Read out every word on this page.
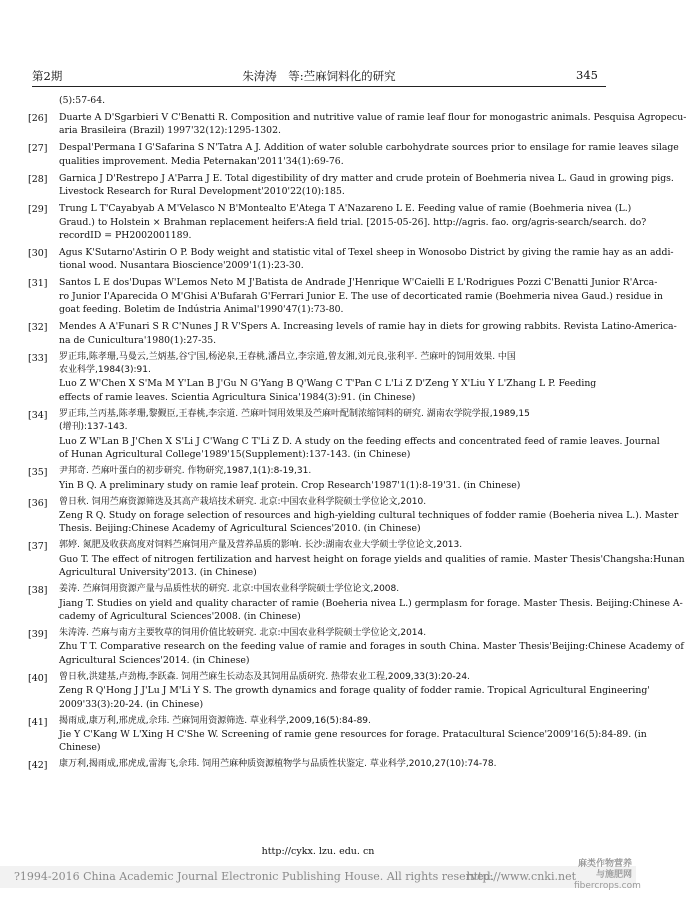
第2期	朱涛涛　等:苎麻饲料化的研究	345
(5):57-64.
[26] Duarte A D'Sgarbieri V C'Benatti R. Composition and nutritive value of ramie leaf flour for monogastric animals. Pesquisa Agropecu-
aria Brasileira (Brazil) 1997'32(12):1295-1302.
[27] Despal'Permana I G'Safarina S N'Tatra A J. Addition of water soluble carbohydrate sources prior to ensilage for ramie leaves silage
qualities improvement. Media Peternakan'2011'34(1):69-76.
[28] Garnica J D'Restrepo J A'Parra J E. Total digestibility of dry matter and crude protein of Boehmeria nivea L. Gaud in growing pigs.
Livestock Research for Rural Development'2010'22(10):185.
[29] Trung L T'Cayabyab A M'Velasco N B'Montealto E'Atega T A'Nazareno L E. Feeding value of ramie (Boehmeria nivea (L.)
Graud.) to Holstein × Brahman replacement heifers:A field trial. [2015-05-26]. http://agris. fao. org/agris-search/search. do?
recordID = PH2002001189.
[30] Agus K'Sutarno'Astirin O P. Body weight and statistic vital of Texel sheep in Wonosobo District by giving the ramie hay as an addi-
tional wood. Nusantara Bioscience'2009'1(1):23-30.
[31] Santos L E dos'Dupas W'Lemos Neto M J'Batista de Andrade J'Henrique W'Caielli E L'Rodrigues Pozzi C'Benatti Junior R'Arca-
ro Junior I'Aparecida O M'Ghisi A'Bufarah G'Ferrari Junior E. The use of decorticated ramie (Boehmeria nivea Gaud.) residue in
goat feeding. Boletim de Indústria Animal'1990'47(1):73-80.
[32] Mendes A A'Funari S R C'Nunes J R V'Spers A. Increasing levels of ramie hay in diets for growing rabbits. Revista Latino-America-
na de Cunicultura'1980(1):27-35.
[33] 罗正玮,陈孝珊,马曼云,兰炳基,谷宁国,杨泌泉,王春桃,潘昌立,李宗道,曾友湘,刘元良,张利平. 苎麻叶的饲用效果. 中国
农业科学,1984(3):91.
Luo Z W'Chen X S'Ma M Y'Lan B J'Gu N G'Yang B Q'Wang C T'Pan C L'Li Z D'Zeng Y X'Liu Y L'Zhang L P. Feeding
effects of ramie leaves. Scientia Agricultura Sinica'1984(3):91. (in Chinese)
[34] 罗正玮,兰丙基,陈孝珊,黎觐臣,王春桃,李宗道. 苎麻叶饲用效果及苎麻叶配制浓缩饲料的研究. 湖南农学院学报,1989,15
(增刊):137-143.
Luo Z W'Lan B J'Chen X S'Li J C'Wang C T'Li Z D. A study on the feeding effects and concentrated feed of ramie leaves. Journal
of Hunan Agricultural College'1989'15(Supplement):137-143. (in Chinese)
[35] 尹邦奇. 苎麻叶蛋白的初步研究. 作物研究,1987,1(1):8-19,31.
Yin B Q. A preliminary study on ramie leaf protein. Crop Research'1987'1(1):8-19'31. (in Chinese)
[36] 曾日秋. 饲用苎麻资源筛选及其高产栽培技术研究. 北京:中国农业科学院硕士学位论文,2010.
Zeng R Q. Study on forage selection of resources and high-yielding cultural techniques of fodder ramie (Boeheria nivea L.). Master
Thesis. Beijing:Chinese Academy of Agricultural Sciences'2010. (in Chinese)
[37] 郭婷. 氮肥及收获高度对饲料苎麻饲用产量及营养品质的影响. 长沙:湖南农业大学硕士学位论文,2013.
Guo T. The effect of nitrogen fertilization and harvest height on forage yields and qualities of ramie. Master Thesis'Changsha:Hunan
Agricultural University'2013. (in Chinese)
[38] 姜涛. 苎麻饲用资源产量与品质性状的研究. 北京:中国农业科学院硕士学位论文,2008.
Jiang T. Studies on yield and quality character of ramie (Boeheria nivea L.) germplasm for forage. Master Thesis. Beijing:Chinese A-
cademy of Agricultural Sciences'2008. (in Chinese)
[39] 朱涛涛. 苎麻与南方主要牧草的饲用价值比较研究. 北京:中国农业科学院硕士学位论文,2014.
Zhu T T. Comparative research on the feeding value of ramie and forages in south China. Master Thesis'Beijing:Chinese Academy of
Agricultural Sciences'2014. (in Chinese)
[40] 曾日秋,洪建基,卢劲梅,李跃森. 饲用苎麻生长动态及其饲用品质研究. 热带农业工程,2009,33(3):20-24.
Zeng R Q'Hong J J'Lu J M'Li Y S. The growth dynamics and forage quality of fodder ramie. Tropical Agricultural Engineering'
2009'33(3):20-24. (in Chinese)
[41] 揭雨成,康万利,邢虎成,佘玮. 苎麻饲用资源筛选. 草业科学,2009,16(5):84-89.
Jie Y C'Kang W L'Xing H C'She W. Screening of ramie gene resources for forage. Pratacultural Science'2009'16(5):84-89. (in
Chinese)
[42] 康万利,揭雨成,邢虎成,雷海飞,佘玮. 饲用苎麻种质资源植物学与品质性状鉴定. 草业科学,2010,27(10):74-78.
http://cykx. lzu. edu. cn
?1994-2016 China Academic Journal Electronic Publishing House. All rights reserved.
http://www.cnki.net
麻类作物营养与施肥网
fibercrops.com
